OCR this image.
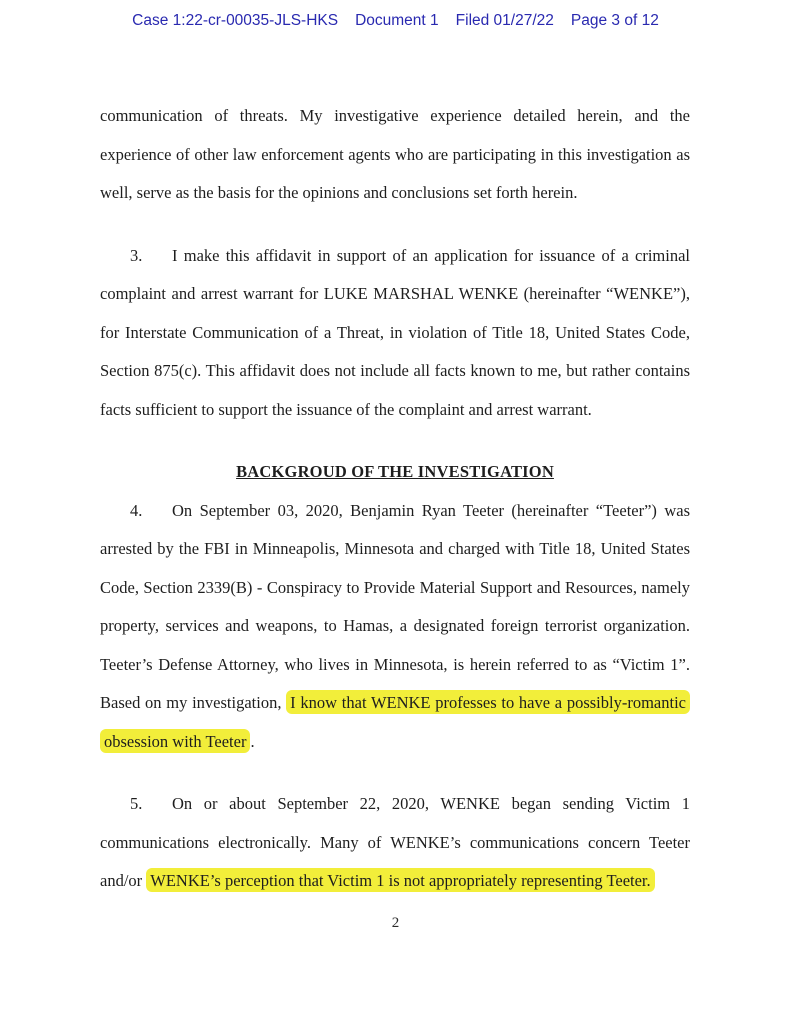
Case 1:22-cr-00035-JLS-HKS Document 1 Filed 01/27/22 Page 3 of 12

communication of threats. My investigative experience detailed herein, and the experience of other law enforcement agents who are participating in this investigation as well, serve as the basis for the opinions and conclusions set forth herein.

3. I make this affidavit in support of an application for issuance of a criminal complaint and arrest warrant for LUKE MARSHAL WENKE (hereinafter “WENKE”), for Interstate Communication of a Threat, in violation of Title 18, United States Code, Section 875(c). This affidavit does not include all facts known to me, but rather contains facts sufficient to support the issuance of the complaint and arrest warrant.

BACKGROUD OF THE INVESTIGATION

4. On September 03, 2020, Benjamin Ryan Teeter (hereinafter “Teeter”) was arrested by the FBI in Minneapolis, Minnesota and charged with Title 18, United States Code, Section 2339(B) - Conspiracy to Provide Material Support and Resources, namely property, services and weapons, to Hamas, a designated foreign terrorist organization. Teeter’s Defense Attorney, who lives in Minnesota, is herein referred to as “Victim 1”. Based on my investigation, I know that WENKE professes to have a possibly-romantic obsession with Teeter .

5. On or about September 22, 2020, WENKE began sending Victim 1 communications electronically. Many of WENKE’s communications concern Teeter and/or WENKE’s perception that Victim 1 is not appropriately representing Teeter.

2
